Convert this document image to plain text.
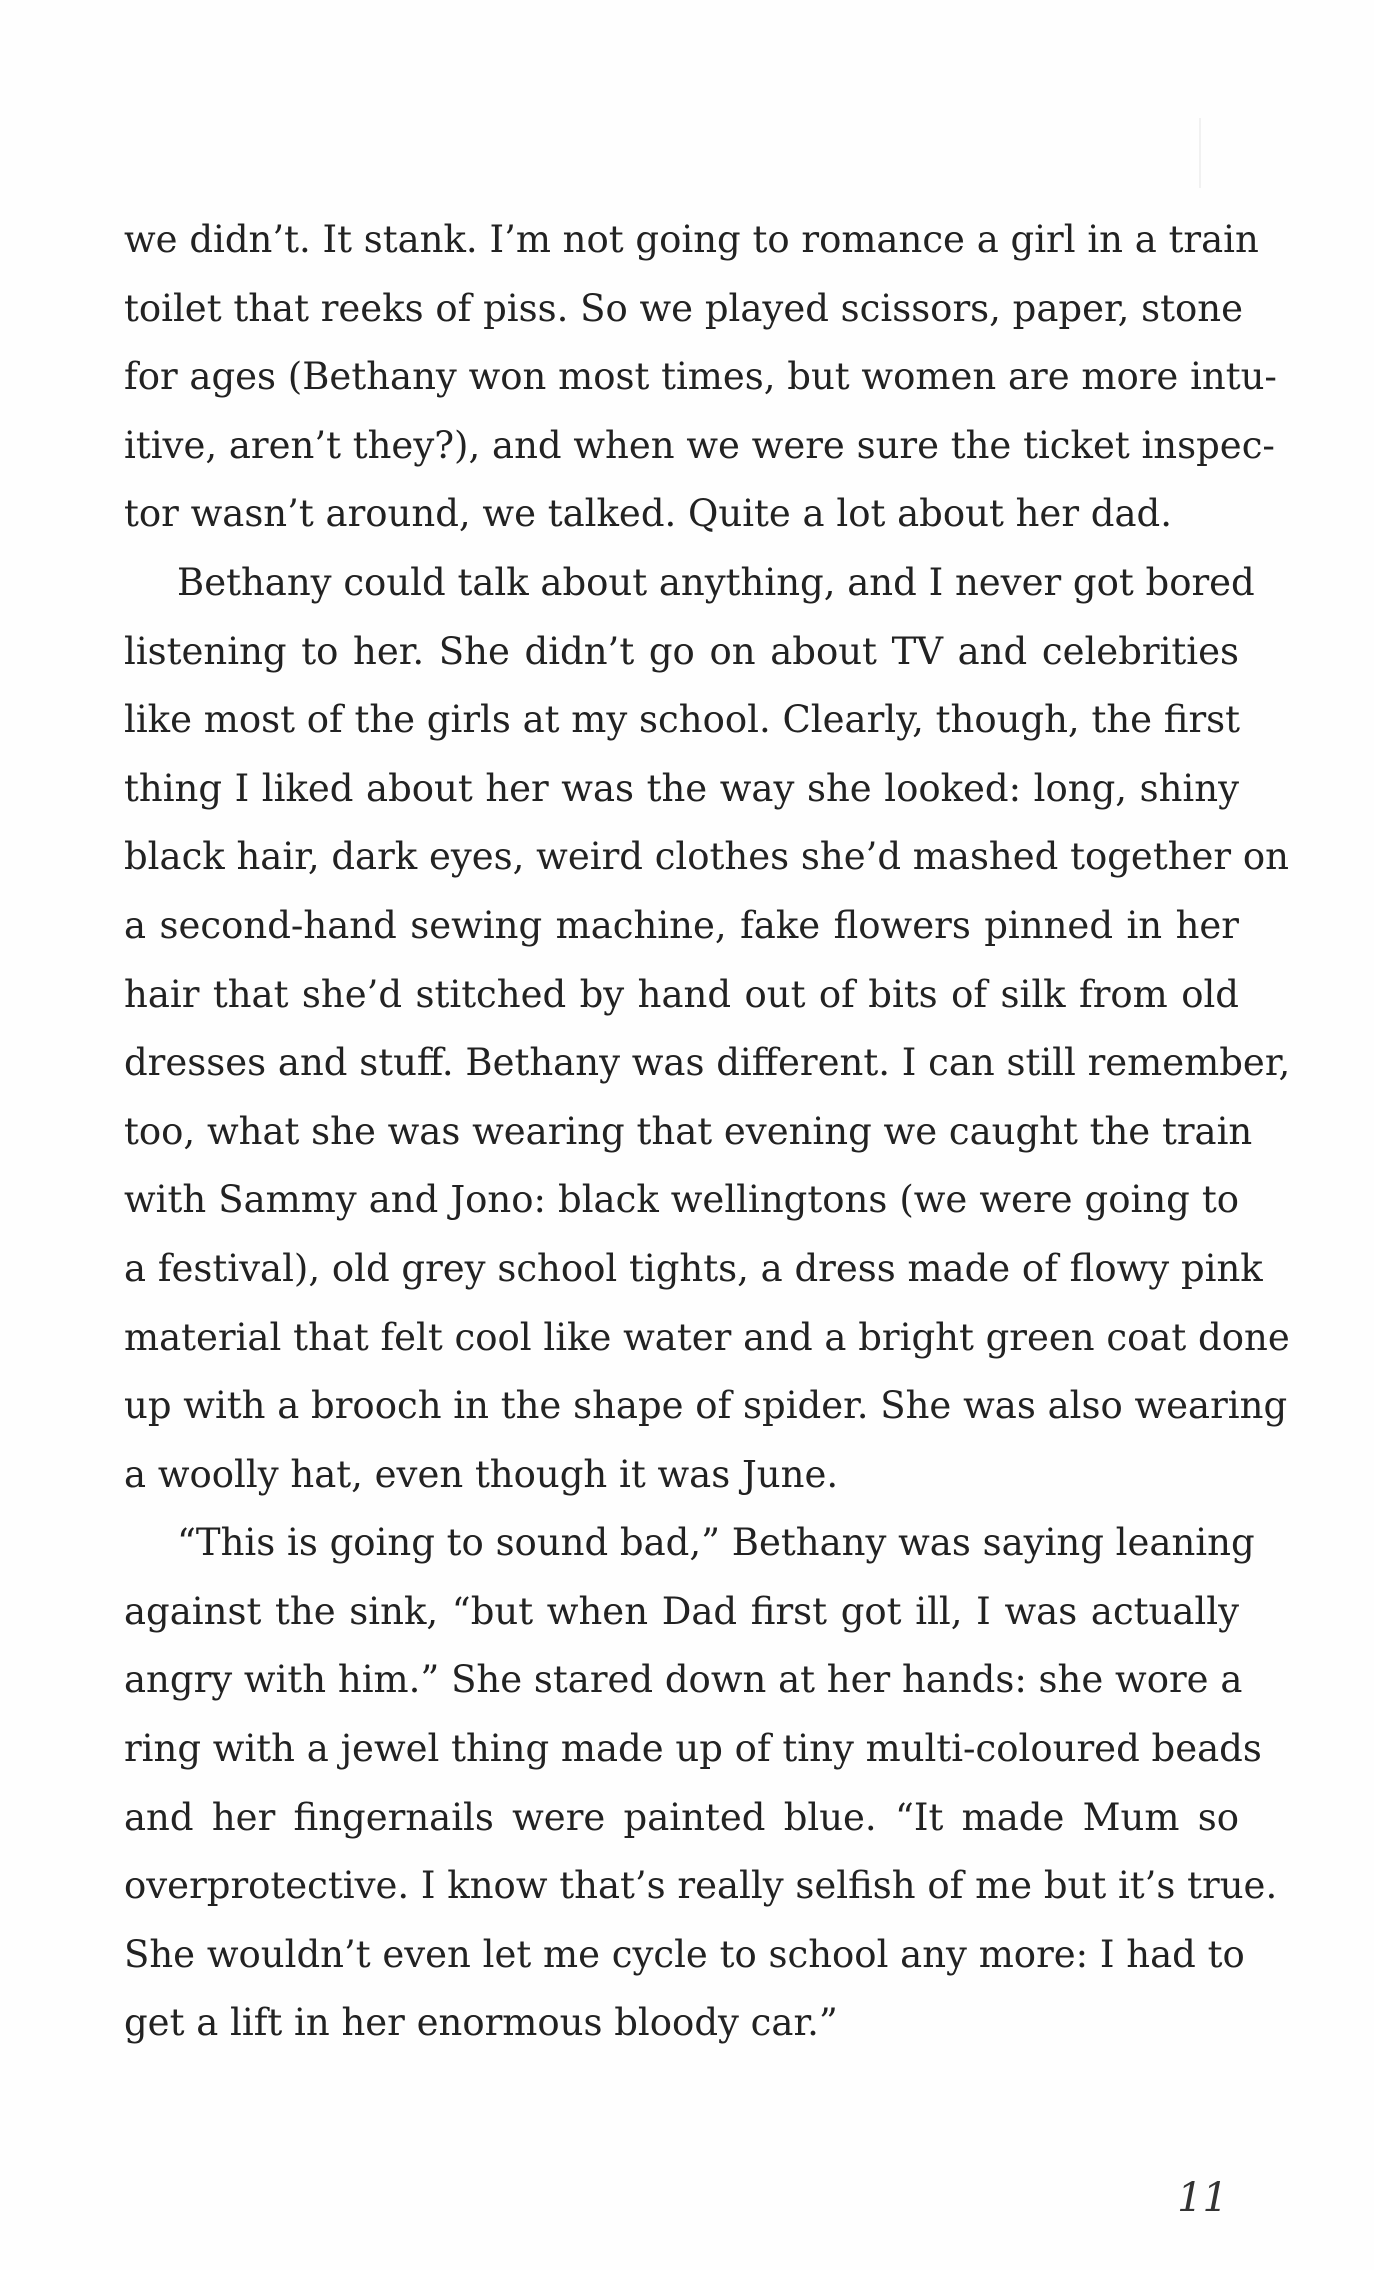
we didn’t. It stank. I’m not going to romance a girl in a train
toilet that reeks of piss. So we played scissors, paper, stone
for ages (Bethany won most times, but women are more intu-
itive, aren’t they?), and when we were sure the ticket inspec-
tor wasn’t around, we talked. Quite a lot about her dad.
Bethany could talk about anything, and I never got bored
listening to her. She didn’t go on about TV and celebrities
like most of the girls at my school. Clearly, though, the first
thing I liked about her was the way she looked: long, shiny
black hair, dark eyes, weird clothes she’d mashed together on
a second-hand sewing machine, fake flowers pinned in her
hair that she’d stitched by hand out of bits of silk from old
dresses and stuff. Bethany was different. I can still remember,
too, what she was wearing that evening we caught the train
with Sammy and Jono: black wellingtons (we were going to
a festival), old grey school tights, a dress made of flowy pink
material that felt cool like water and a bright green coat done
up with a brooch in the shape of spider. She was also wearing
a woolly hat, even though it was June.
“This is going to sound bad,” Bethany was saying leaning
against the sink, “but when Dad first got ill, I was actually
angry with him.” She stared down at her hands: she wore a
ring with a jewel thing made up of tiny multi-coloured beads
and her fingernails were painted blue. “It made Mum so
overprotective. I know that’s really selfish of me but it’s true.
She wouldn’t even let me cycle to school any more: I had to
get a lift in her enormous bloody car.”
11
